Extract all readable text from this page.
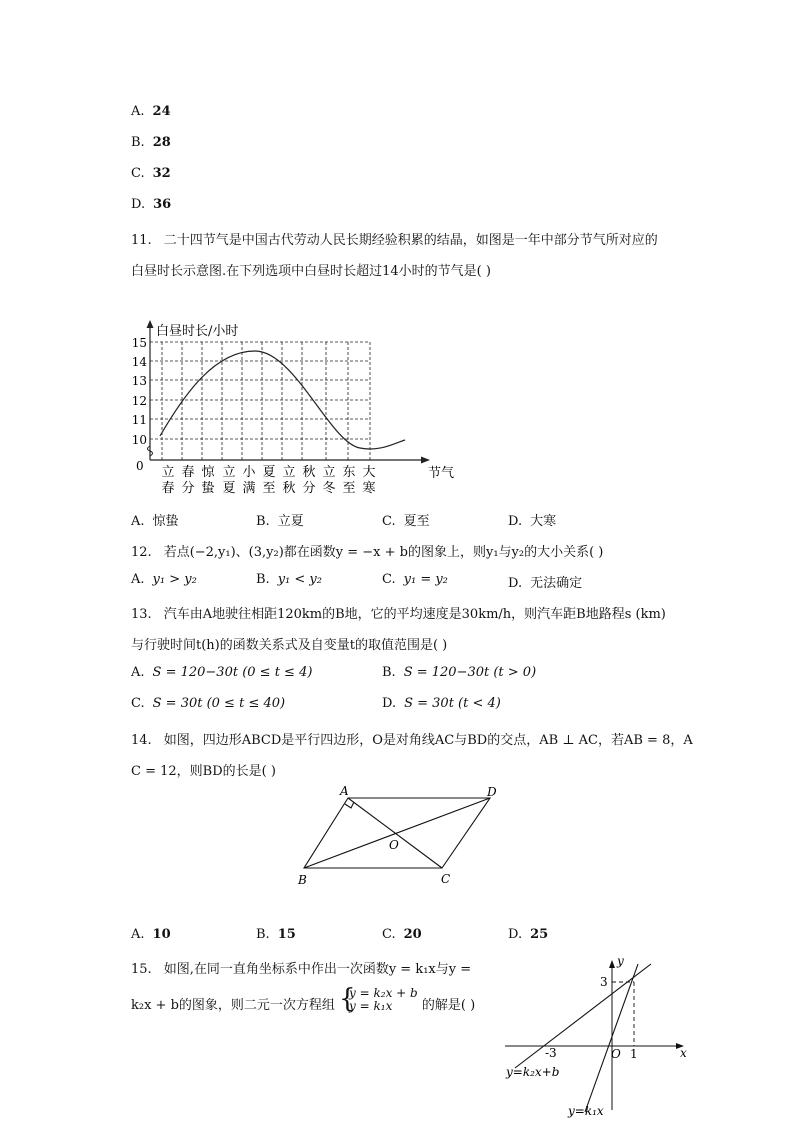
A. 24
B. 28
C. 32
D. 36
11. 二十四节气是中国古代劳动人民长期经验积累的结晶，如图是一年中部分节气所对应的
白昼时长示意图.在下列选项中白昼时长超过14小时的节气是( )
白昼时长/小时
节气
0
10
11
12
13
14
15
立 春 惊 立 小 夏 立 秋 立 东 大
春 分 蛰 夏 满 至 秋 分 冬 至 寒
A. 惊蛰	B. 立夏	C. 夏至	D. 大寒
12. 若点(−2,y₁)、(3,y₂)都在函数y = −x + b的图象上，则y₁与y₂的大小关系( )
A. y₁ > y₂	B. y₁ < y₂	C. y₁ = y₂	D. 无法确定
13. 汽车由A地驶往相距120km的B地，它的平均速度是30km/h，则汽车距B地路程s (km)
与行驶时间t(h)的函数关系式及自变量t的取值范围是( )
A. S = 120−30t (0 ≤ t ≤ 4)	B. S = 120−30t (t > 0)
C. S = 30t (0 ≤ t ≤ 40)	D. S = 30t (t < 4)
14. 如图，四边形ABCD是平行四边形，O是对角线AC与BD的交点，AB ⊥ AC，若AB = 8，A
C = 12，则BD的长是( )
A	D
B	C
O
A. 10	B. 15	C. 20	D. 25
15. 如图,在同一直角坐标系中作出一次函数y = k₁x与y =
k₂x + b的图象，则二元一次方程组 {
y = k₂x + b
y = k₁x	的解是( )
y
x
O
3
-3	1
y=k₂x+b
y=k₁x
